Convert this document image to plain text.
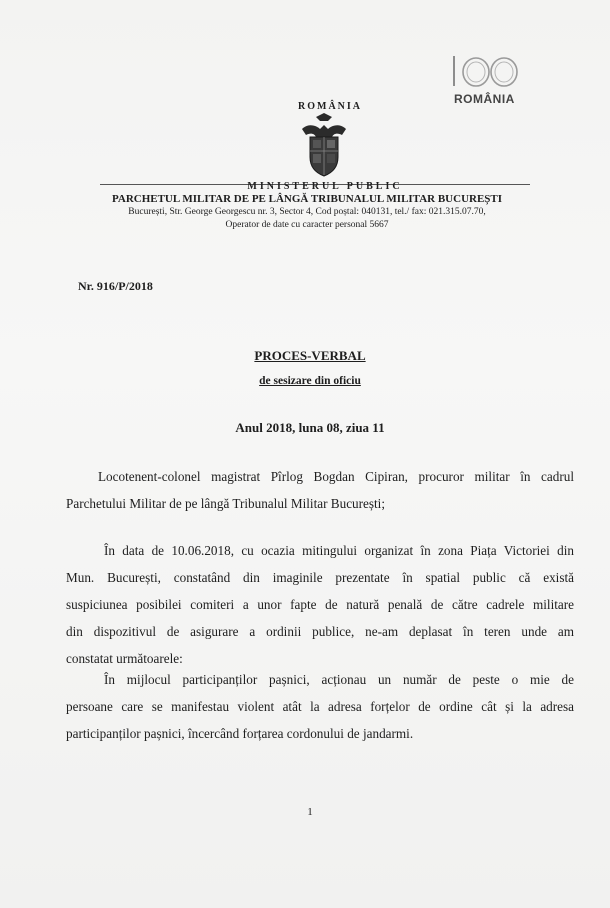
ROMÂNIA
ROMÂNIA
MINISTERUL PUBLIC
PARCHETUL MILITAR DE PE LÂNGĂ TRIBUNALUL MILITAR BUCUREȘTI
București, Str. George Georgescu nr. 3, Sector 4, Cod poștal: 040131, tel./ fax: 021.315.07.70,
Operator de date cu caracter personal 5667
Nr. 916/P/2018
PROCES-VERBAL
de sesizare din oficiu
Anul 2018, luna 08, ziua 11
Locotenent-colonel magistrat Pîrlog Bogdan Cipiran, procuror militar în cadrul
Parchetului Militar de pe lângă Tribunalul Militar București;
În data de 10.06.2018, cu ocazia mitingului organizat în zona Piața Victoriei din
Mun. București, constatând din imaginile prezentate în spatial public că există
suspiciunea posibilei comiteri a unor fapte de natură penală de către cadrele militare
din dispozitivul de asigurare a ordinii publice, ne-am deplasat în teren unde am
constatat următoarele:
În mijlocul participanților pașnici, acționau un număr de peste o mie de
persoane care se manifestau violent atât la adresa forțelor de ordine cât și la adresa
participanților pașnici, încercând forțarea cordonului de jandarmi.
1
